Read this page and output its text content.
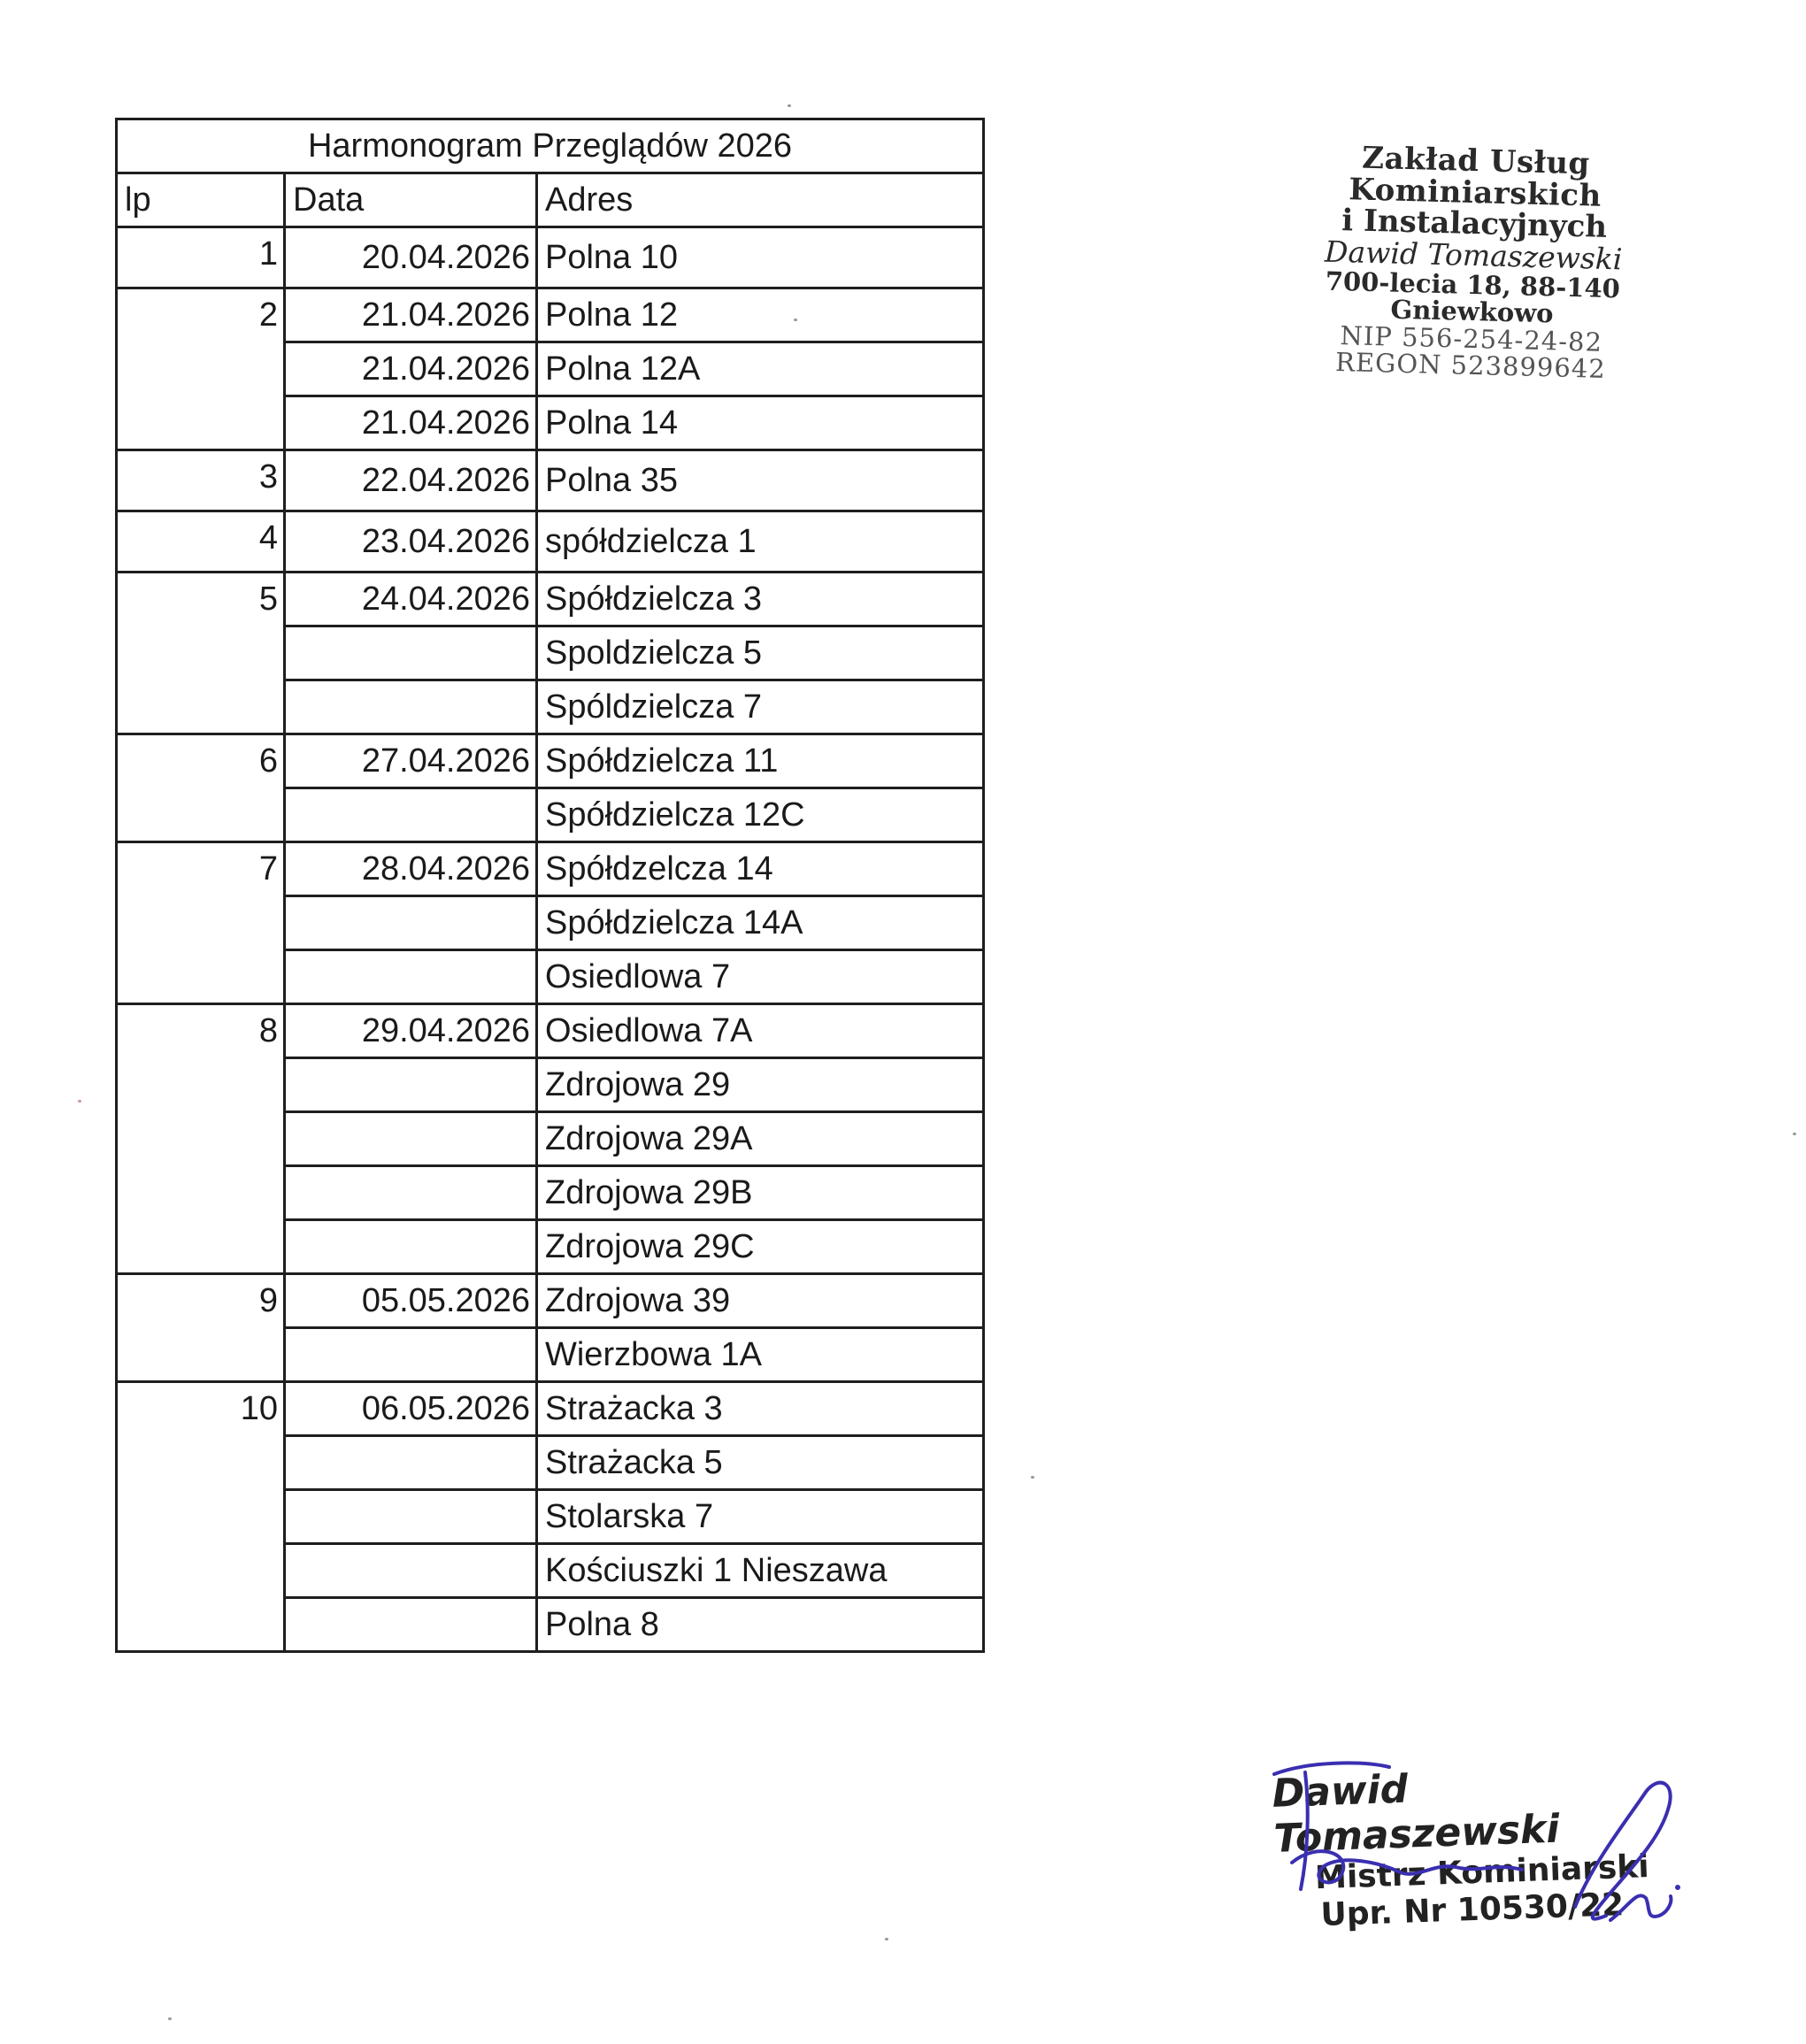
Harmonogram Przeglądów 2026		
lp	Data	Adres
1	20.04.2026	Polna 10
2	21.04.2026	Polna 12
	21.04.2026	Polna 12A
	21.04.2026	Polna 14
3	22.04.2026	Polna 35
4	23.04.2026	spółdzielcza 1
5	24.04.2026	Spółdzielcza 3
		Spoldzielcza 5
		Spóldzielcza 7
6	27.04.2026	Spółdzielcza 11
		Spółdzielcza 12C
7	28.04.2026	Spółdzelcza 14
		Spółdzielcza 14A
		Osiedlowa 7
8	29.04.2026	Osiedlowa 7A
		Zdrojowa 29
		Zdrojowa 29A
		Zdrojowa 29B
		Zdrojowa 29C
9	05.05.2026	Zdrojowa 39
		Wierzbowa 1A
10	06.05.2026	Strażacka 3
		Strażacka 5
		Stolarska 7
		Kościuszki 1 Nieszawa
		Polna 8
Zakład Usług Kominiarskich
i Instalacyjnych
Dawid Tomaszewski
700-lecia 18, 88-140 Gniewkowo
NIP 556-254-24-82
REGON 523899642
Dawid Tomaszewski
Mistrz Kominiarski
Upr. Nr 10530/22
